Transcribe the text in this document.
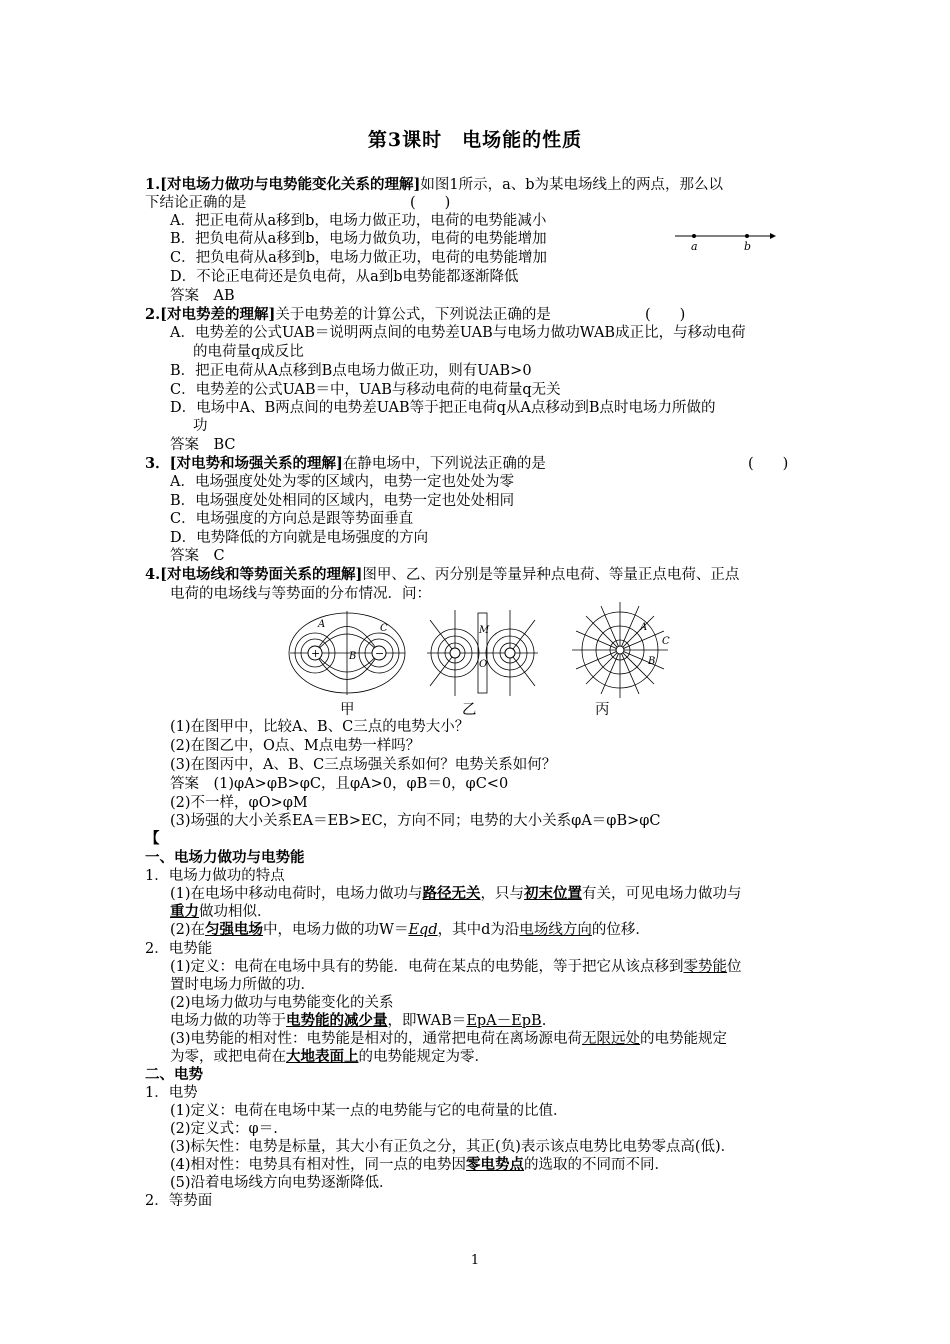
第3课时　电场能的性质
1.[对电场力做功与电势能变化关系的理解]如图1所示，a、b为某电场线上的两点，那么以
下结论正确的是	(　　)
A．把正电荷从a移到b，电场力做正功，电荷的电势能减小
B．把负电荷从a移到b，电场力做负功，电荷的电势能增加
C．把负电荷从a移到b，电场力做正功，电荷的电势能增加
D．不论正电荷还是负电荷，从a到b电势能都逐渐降低
答案　 AB
a	b
2.[对电势差的理解]关于电势差的计算公式，下列说法正确的是	(　　)
A．电势差的公式UAB＝说明两点间的电势差UAB与电场力做功WAB成正比，与移动电荷
的电荷量q成反比
B．把正电荷从A点移到B点电场力做正功，则有UAB>0
C．电势差的公式UAB＝中，UAB与移动电荷的电荷量q无关
D．电场中A、B两点间的电势差UAB等于把正电荷q从A点移动到B点时电场力所做的
功
答案　 BC
3．[对电势和场强关系的理解]在静电场中，下列说法正确的是	(　　)
A．电场强度处处为零的区域内，电势一定也处处为零
B．电场强度处处相同的区域内，电势一定也处处相同
C．电场强度的方向总是跟等势面垂直
D．电势降低的方向就是电场强度的方向
答案　 C
4.[对电场线和等势面关系的理解]图甲、乙、丙分别是等量异种点电荷、等量正点电荷、正点
电荷的电场线与等势面的分布情况．问：
+	−
A
B
C	M
O
A
C
B
甲	乙	丙
(1)在图甲中，比较A、B、C三点的电势大小？
(2)在图乙中，O点、M点电势一样吗？
(3)在图丙中，A、B、C三点场强关系如何？电势关系如何？
答案　 (1)φA>φB>φC，且φA>0，φB＝0，φC<0
(2)不一样，φO>φM
(3)场强的大小关系EA＝EB>EC，方向不同；电势的大小关系φA＝φB>φC
【
一、电场力做功与电势能
1．电场力做功的特点
(1)在电场中移动电荷时，电场力做功与路径无关，只与初末位置有关，可见电场力做功与
重力做功相似．
(2)在匀强电场中，电场力做的功W＝Eqd，其中d为沿电场线方向的位移．
2．电势能
(1)定义：电荷在电场中具有的势能．电荷在某点的电势能，等于把它从该点移到零势能位
置时电场力所做的功．
(2)电场力做功与电势能变化的关系
电场力做的功等于电势能的减少量，即WAB＝EpA－EpB.
(3)电势能的相对性：电势能是相对的，通常把电荷在离场源电荷无限远处的电势能规定
为零，或把电荷在大地表面上的电势能规定为零．
二、电势
1．电势
(1)定义：电荷在电场中某一点的电势能与它的电荷量的比值．
(2)定义式：φ＝.
(3)标矢性：电势是标量，其大小有正负之分，其正(负)表示该点电势比电势零点高(低)．
(4)相对性：电势具有相对性，同一点的电势因零电势点的选取的不同而不同．
(5)沿着电场线方向电势逐渐降低．
2．等势面
1
